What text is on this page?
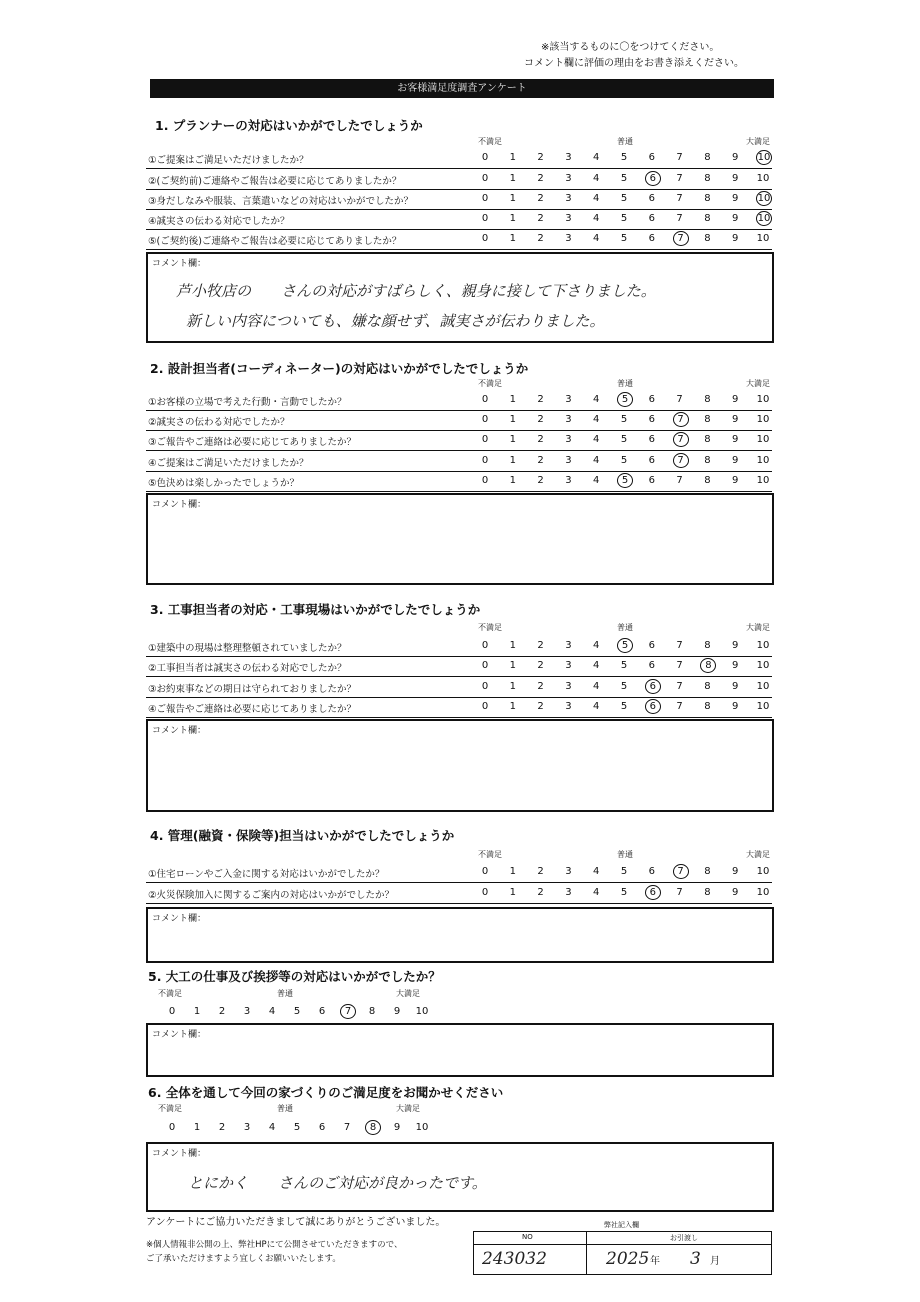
※該当するものに〇をつけてください。
コメント欄に評価の理由をお書き添えください。
お客様満足度調査アンケート
1. プランナーの対応はいかがでしたでしょうか
不満足	普通	大満足
①ご提案はご満足いただけましたか？	0	1	2	3	4	5	6	7	8	9	10
②(ご契約前)ご連絡やご報告は必要に応じてありましたか？	0	1	2	3	4	5	6	7	8	9	10
③身だしなみや服装、言葉遣いなどの対応はいかがでしたか？	0	1	2	3	4	5	6	7	8	9	10
④誠実さの伝わる対応でしたか？	0	1	2	3	4	5	6	7	8	9	10
⑤(ご契約後)ご連絡やご報告は必要に応じてありましたか？	0	1	2	3	4	5	6	7	8	9	10
コメント欄：
芦小牧店の　　さんの対応がすばらしく、親身に接して下さりました。
新しい内容についても、嫌な顔せず、誠実さが伝わりました。
2. 設計担当者(コーディネーター)の対応はいかがでしたでしょうか
不満足	普通	大満足
①お客様の立場で考えた行動・言動でしたか？	0	1	2	3	4	5	6	7	8	9	10
②誠実さの伝わる対応でしたか？	0	1	2	3	4	5	6	7	8	9	10
③ご報告やご連絡は必要に応じてありましたか？	0	1	2	3	4	5	6	7	8	9	10
④ご提案はご満足いただけましたか？	0	1	2	3	4	5	6	7	8	9	10
⑤色決めは楽しかったでしょうか？	0	1	2	3	4	5	6	7	8	9	10
コメント欄：
3. 工事担当者の対応・工事現場はいかがでしたでしょうか
不満足	普通	大満足
①建築中の現場は整理整頓されていましたか？	0	1	2	3	4	5	6	7	8	9	10
②工事担当者は誠実さの伝わる対応でしたか？	0	1	2	3	4	5	6	7	8	9	10
③お約束事などの期日は守られておりましたか？	0	1	2	3	4	5	6	7	8	9	10
④ご報告やご連絡は必要に応じてありましたか？	0	1	2	3	4	5	6	7	8	9	10
コメント欄：
4. 管理(融資・保険等)担当はいかがでしたでしょうか
不満足	普通	大満足
①住宅ローンやご入金に関する対応はいかがでしたか？	0	1	2	3	4	5	6	7	8	9	10
②火災保険加入に関するご案内の対応はいかがでしたか？	0	1	2	3	4	5	6	7	8	9	10
コメント欄：
5. 大工の仕事及び挨拶等の対応はいかがでしたか？
不満足	普通	大満足
0	1	2	3	4	5	6	7	8	9	10
コメント欄：
6. 全体を通して今回の家づくりのご満足度をお聞かせください
不満足	普通	大満足
0	1	2	3	4	5	6	7	8	9	10
コメント欄：
とにかく　　さんのご対応が良かったです。
アンケートにご協力いただきまして誠にありがとうございました。
※個人情報非公開の上、弊社HPにて公開させていただきますので、
ご了承いただけますよう宜しくお願いいたします。
弊社記入欄
NO	お引渡し
243032	2025 年 3 月
